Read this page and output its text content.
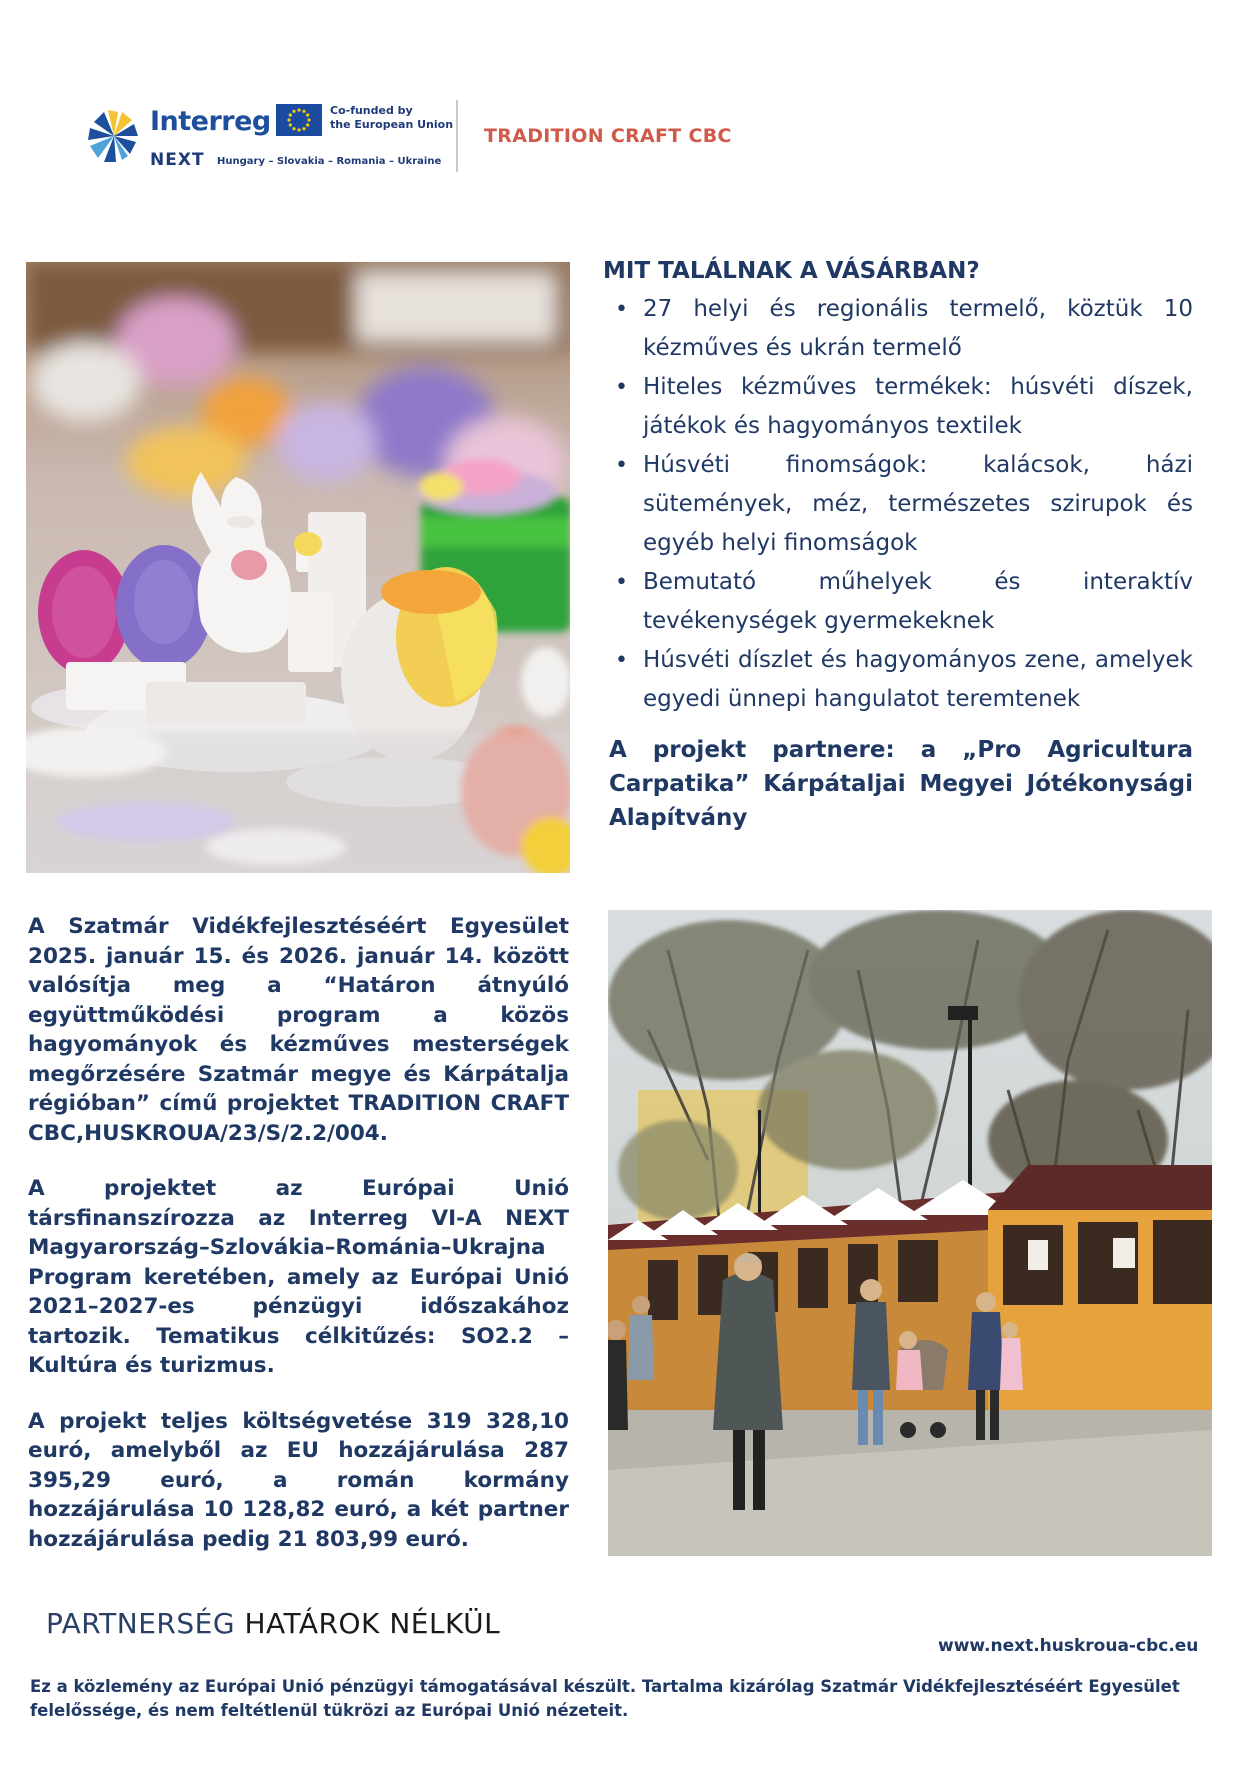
Interreg	Co-funded by
the European Union
NEXT Hungary – Slovakia – Romania – Ukraine
TRADITION CRAFT CBC
MIT TALÁLNAK A VÁSÁRBAN?
• 27 helyi és regionális termelő, köztük 10 kézműves és ukrán termelő
• Hiteles kézműves termékek: húsvéti díszek, játékok és hagyományos textilek
• Húsvéti finomságok: kalácsok, házi sütemények, méz, természetes szirupok és egyéb helyi finomságok
• Bemutató műhelyek és interaktív tevékenységek gyermekeknek
• Húsvéti díszlet és hagyományos zene, amelyek egyedi ünnepi hangulatot teremtenek
A projekt partnere: a „Pro Agricultura Carpatika” Kárpátaljai Megyei Jótékonysági Alapítvány

A Szatmár Vidékfejlesztéséért Egyesület 2025. január 15. és 2026. január 14. között valósítja meg a “Határon átnyúló együttműködési program a közös hagyományok és kézműves mesterségek megőrzésére Szatmár megye és Kárpátalja régióban” című projektet TRADITION CRAFT CBC,HUSKROUA/23/S/2.2/004.

A projektet az Európai Unió társfinanszírozza az Interreg VI-A NEXT Magyarország–Szlovákia–Románia–Ukrajna Program keretében, amely az Európai Unió 2021–2027-es pénzügyi időszakához tartozik. Tematikus célkitűzés: SO2.2 – Kultúra és turizmus.

A projekt teljes költségvetése 319 328,10 euró, amelyből az EU hozzájárulása 287 395,29 euró, a román kormány hozzájárulása 10 128,82 euró, a két partner hozzájárulása pedig 21 803,99 euró.

PARTNERSÉG HATÁROK NÉLKÜL
www.next.huskroua-cbc.eu
Ez a közlemény az Európai Unió pénzügyi támogatásával készült. Tartalma kizárólag Szatmár Vidékfejlesztéséért Egyesület felelőssége, és nem feltétlenül tükrözi az Európai Unió nézeteit.
